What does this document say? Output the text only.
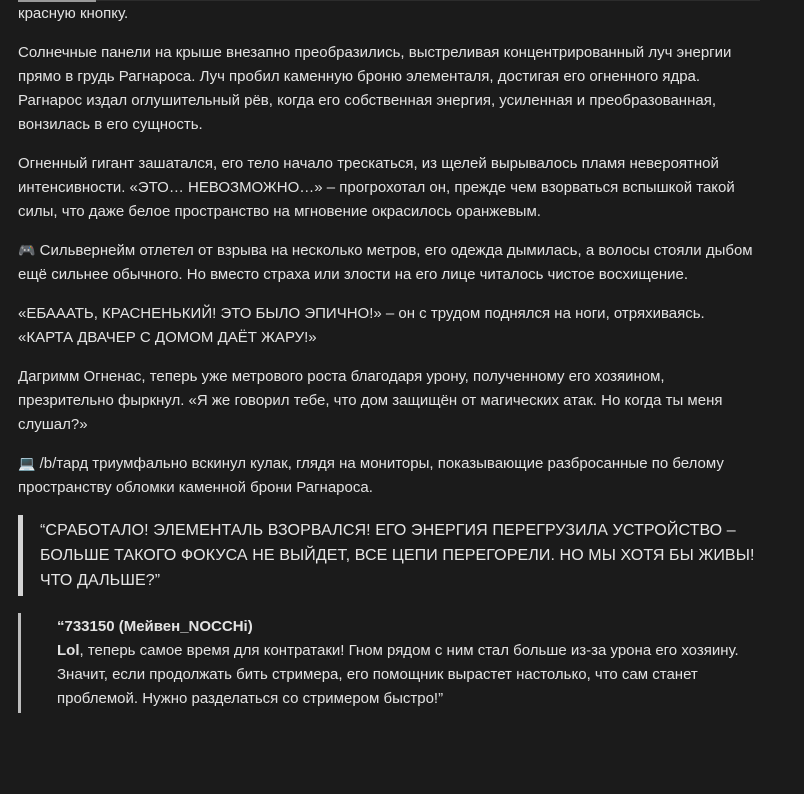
красную кнопку.

Солнечные панели на крыше внезапно преобразились, выстреливая концентрированный луч энергии прямо в грудь Рагнароса. Луч пробил каменную броню элементаля, достигая его огненного ядра. Рагнарос издал оглушительный рёв, когда его собственная энергия, усиленная и преобразованная, вонзилась в его сущность.

Огненный гигант зашатался, его тело начало трескаться, из щелей вырывалось пламя невероятной интенсивности. «ЭТО… НЕВОЗМОЖНО…» – прогрохотал он, прежде чем взорваться вспышкой такой силы, что даже белое пространство на мгновение окрасилось оранжевым.

🎮 Сильвернейм отлетел от взрыва на несколько метров, его одежда дымилась, а волосы стояли дыбом ещё сильнее обычного. Но вместо страха или злости на его лице читалось чистое восхищение.

«ЕБАААТЬ, КРАСНЕНЬКИЙ! ЭТО БЫЛО ЭПИЧНО!» – он с трудом поднялся на ноги, отряхиваясь. «КАРТА ДВАЧЕР С ДОМОМ ДАЁТ ЖАРУ!»

Дагримм Огненас, теперь уже метрового роста благодаря урону, полученному его хозяином, презрительно фыркнул. «Я же говорил тебе, что дом защищён от магических атак. Но когда ты меня слушал?»

💻 /b/тард триумфально вскинул кулак, глядя на мониторы, показывающие разбросанные по белому пространству обломки каменной брони Рагнароса.

“СРАБОТАЛО! ЭЛЕМЕНТАЛЬ ВЗОРВАЛСЯ! ЕГО ЭНЕРГИЯ ПЕРЕГРУЗИЛА УСТРОЙСТВО – БОЛЬШЕ ТАКОГО ФОКУСА НЕ ВЫЙДЕТ, ВСЕ ЦЕПИ ПЕРЕГОРЕЛИ. НО МЫ ХОТЯ БЫ ЖИВЫ! ЧТО ДАЛЬШЕ?”

“733150 (Мейвен_NOCCHi)

Lol, теперь самое время для контратаки! Гном рядом с ним стал больше из-за урона его хозяину. Значит, если продолжать бить стримера, его помощник вырастет настолько, что сам станет проблемой. Нужно разделаться со стримером быстро!”
